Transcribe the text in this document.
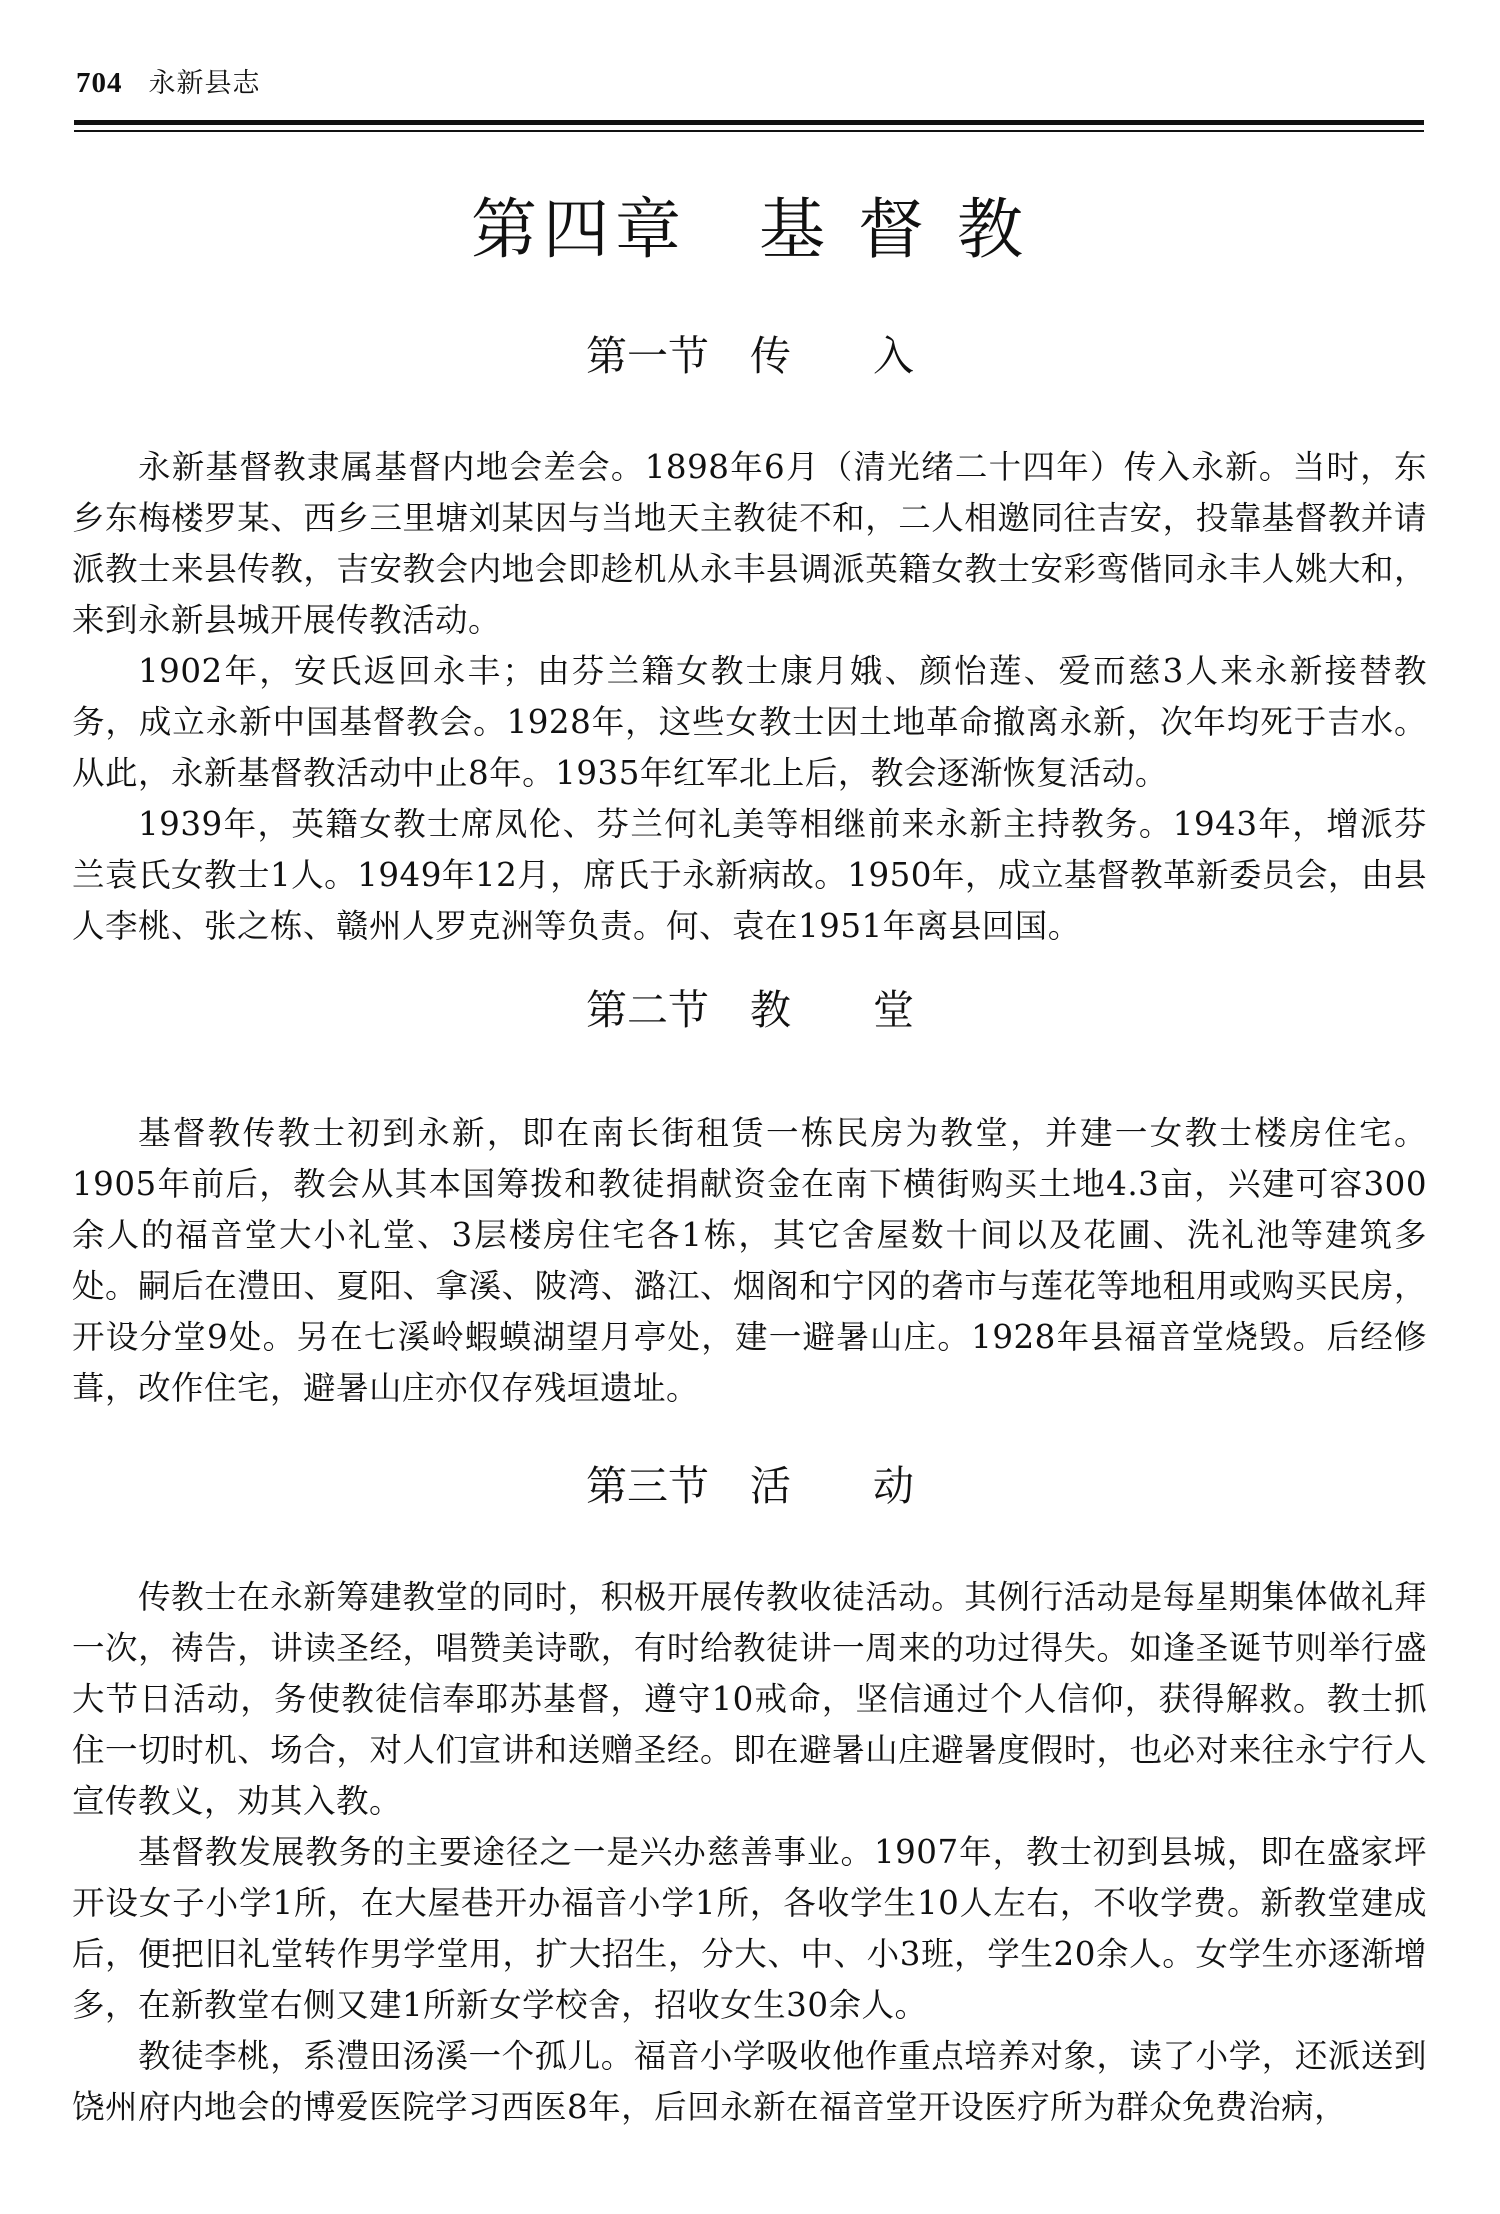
704 永新县志
第四章　基 督 教
第一节　传　　入

永新基督教隶属基督内地会差会。1898年6月（清光绪二十四年）传入永新。当时，东乡东梅楼罗某、西乡三里塘刘某因与当地天主教徒不和，二人相邀同往吉安，投靠基督教并请派教士来县传教，吉安教会内地会即趁机从永丰县调派英籍女教士安彩鸾偕同永丰人姚大和，来到永新县城开展传教活动。

1902年，安氏返回永丰；由芬兰籍女教士康月娥、颜怡莲、爱而慈3人来永新接替教务，成立永新中国基督教会。1928年，这些女教士因土地革命撤离永新，次年均死于吉水。从此，永新基督教活动中止8年。1935年红军北上后，教会逐渐恢复活动。

1939年，英籍女教士席凤伦、芬兰何礼美等相继前来永新主持教务。1943年，增派芬兰袁氏女教士1人。1949年12月，席氏于永新病故。1950年，成立基督教革新委员会，由县人李桃、张之栋、赣州人罗克洲等负责。何、袁在1951年离县回国。

第二节　教　　堂

基督教传教士初到永新，即在南长街租赁一栋民房为教堂，并建一女教士楼房住宅。1905年前后，教会从其本国筹拨和教徒捐献资金在南下横街购买土地4.3亩，兴建可容300余人的福音堂大小礼堂、3层楼房住宅各1栋，其它舍屋数十间以及花圃、洗礼池等建筑多处。嗣后在澧田、夏阳、拿溪、陂湾、潞江、烟阁和宁冈的砻市与莲花等地租用或购买民房，开设分堂9处。另在七溪岭蝦蟆湖望月亭处，建一避暑山庄。1928年县福音堂烧毁。后经修葺，改作住宅，避暑山庄亦仅存残垣遗址。

第三节　活　　动

传教士在永新筹建教堂的同时，积极开展传教收徒活动。其例行活动是每星期集体做礼拜一次，祷告，讲读圣经，唱赞美诗歌，有时给教徒讲一周来的功过得失。如逢圣诞节则举行盛大节日活动，务使教徒信奉耶苏基督，遵守10戒命，坚信通过个人信仰，获得解救。教士抓住一切时机、场合，对人们宣讲和送赠圣经。即在避暑山庄避暑度假时，也必对来往永宁行人宣传教义，劝其入教。

基督教发展教务的主要途径之一是兴办慈善事业。1907年，教士初到县城，即在盛家坪开设女子小学1所，在大屋巷开办福音小学1所，各收学生10人左右，不收学费。新教堂建成后，便把旧礼堂转作男学堂用，扩大招生，分大、中、小3班，学生20余人。女学生亦逐渐增多，在新教堂右侧又建1所新女学校舍，招收女生30余人。

教徒李桃，系澧田汤溪一个孤儿。福音小学吸收他作重点培养对象，读了小学，还派送到饶州府内地会的博爱医院学习西医8年，后回永新在福音堂开设医疗所为群众免费治病，
